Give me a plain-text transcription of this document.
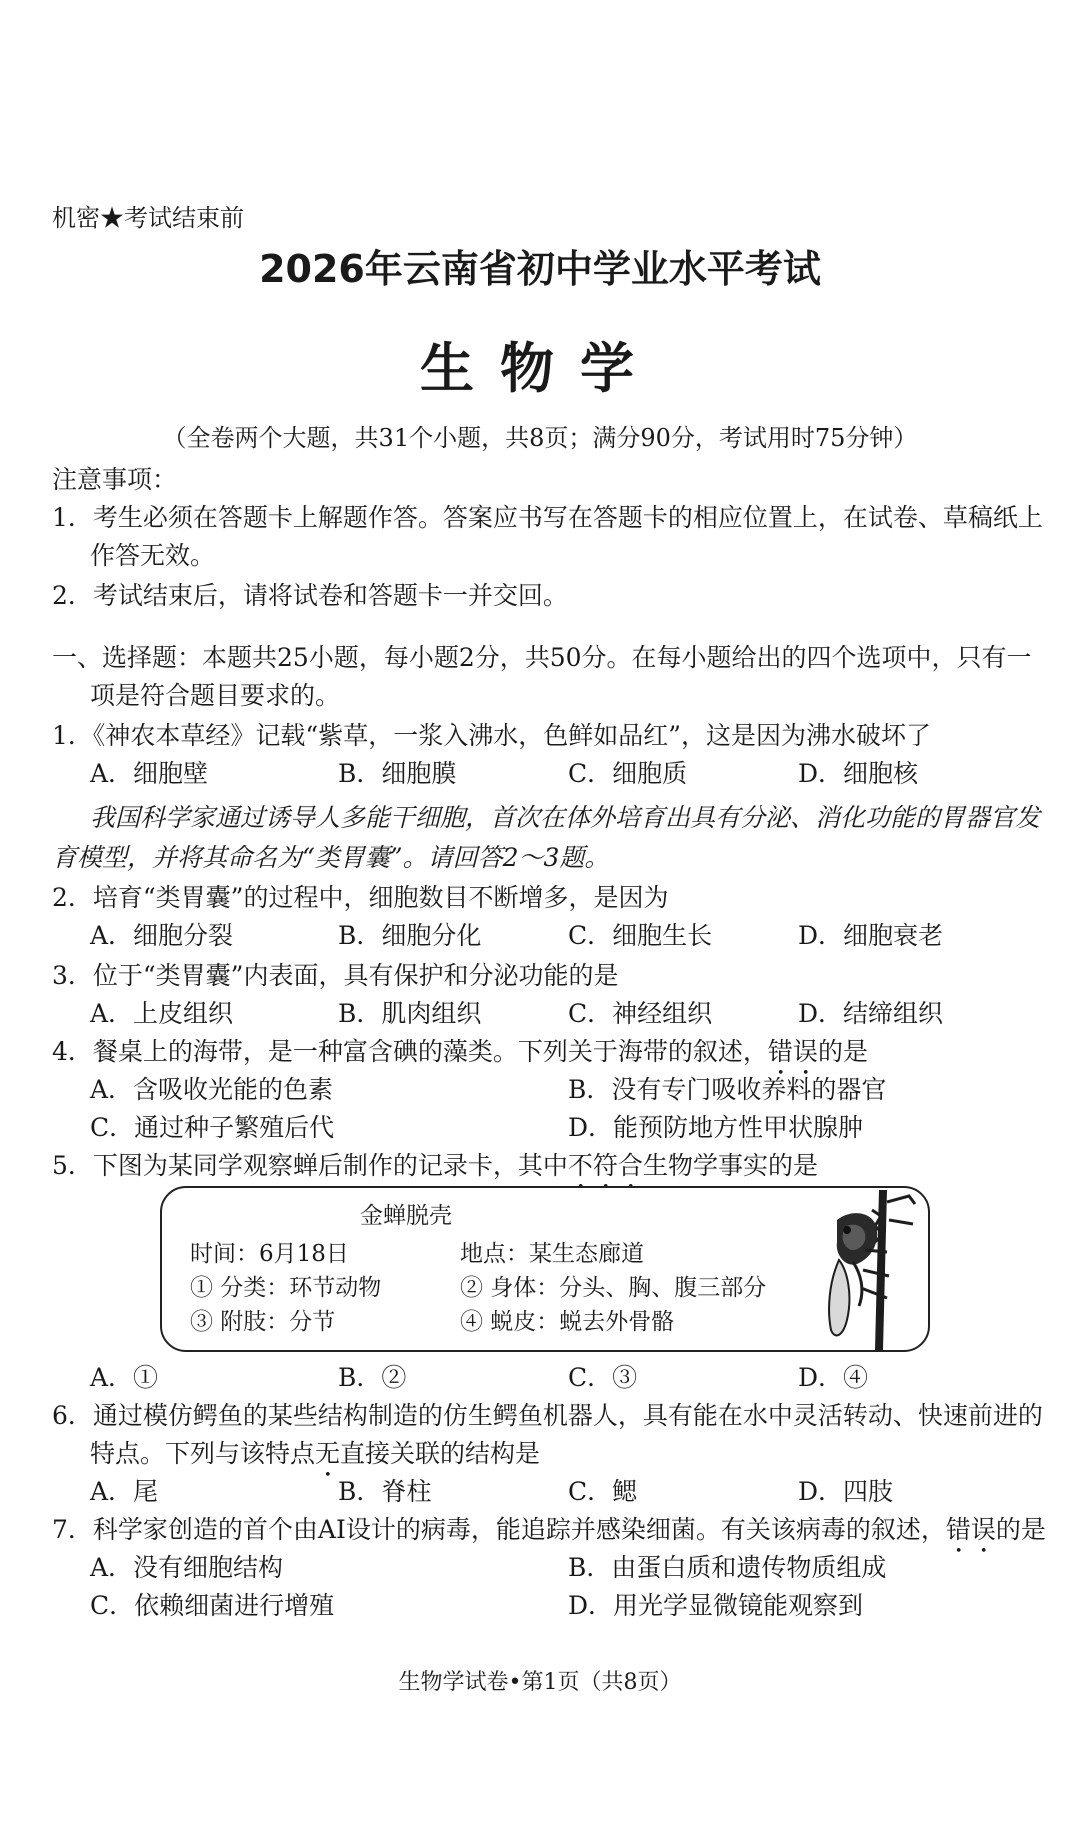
机密★考试结束前
2026年云南省初中学业水平考试
生物学
（全卷两个大题，共31个小题，共8页；满分90分，考试用时75分钟）
注意事项：
1．考生必须在答题卡上解题作答。答案应书写在答题卡的相应位置上，在试卷、草稿纸上
作答无效。
2．考试结束后，请将试卷和答题卡一并交回。
一、选择题：本题共25小题，每小题2分，共50分。在每小题给出的四个选项中，只有一
项是符合题目要求的。
1．《神农本草经》记载“紫草，一浆入沸水，色鲜如品红”，这是因为沸水破坏了
A．细胞壁	B．细胞膜	C．细胞质	D．细胞核
我国科学家通过诱导人多能干细胞，首次在体外培育出具有分泌、消化功能的胃器官发
育模型，并将其命名为“类胃囊”。请回答2～3题。
2．培育“类胃囊”的过程中，细胞数目不断增多，是因为
A．细胞分裂	B．细胞分化	C．细胞生长	D．细胞衰老
3．位于“类胃囊”内表面，具有保护和分泌功能的是
A．上皮组织	B．肌肉组织	C．神经组织	D．结缔组织
4．餐桌上的海带，是一种富含碘的藻类。下列关于海带的叙述，错误的是
A．含吸收光能的色素	B．没有专门吸收养料的器官
C．通过种子繁殖后代	D．能预防地方性甲状腺肿
5．下图为某同学观察蝉后制作的记录卡，其中不符合生物学事实的是
金蝉脱壳
时间：6月18日	地点：某生态廊道
① 分类：环节动物	② 身体：分头、胸、腹三部分
③ 附肢：分节	④ 蜕皮：蜕去外骨骼
A．①	B．②	C．③	D．④
6．通过模仿鳄鱼的某些结构制造的仿生鳄鱼机器人，具有能在水中灵活转动、快速前进的
特点。下列与该特点无直接关联的结构是
A．尾	B．脊柱	C．鳃	D．四肢
7．科学家创造的首个由AI设计的病毒，能追踪并感染细菌。有关该病毒的叙述，错误的是
A．没有细胞结构	B．由蛋白质和遗传物质组成
C．依赖细菌进行增殖	D．用光学显微镜能观察到
生物学试卷•第1页（共8页）
